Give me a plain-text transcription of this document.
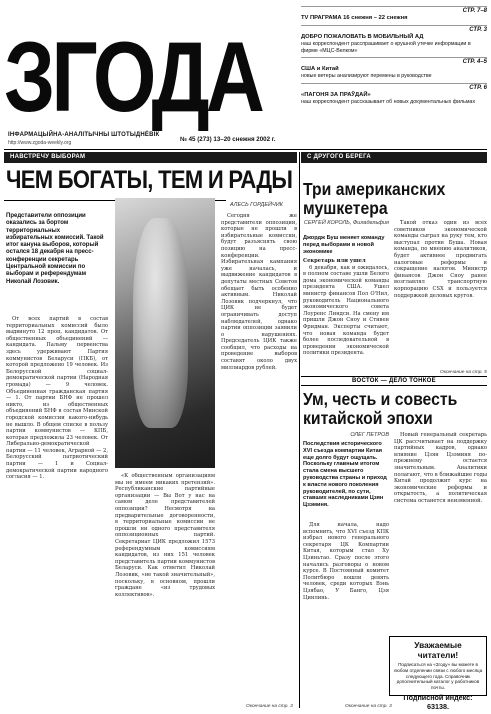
ЗГОДА
ІНФАРМАЦЫЙНА-АНАЛІТЫЧНЫ ШТОТЫДНЁВІК
http://www.zgoda-weekly.org	№ 45 (273) 13–20 снежня 2002 г.
СТР. 7–8
TV ПРАГРАМА 16 снежня – 22 снежня
СТР. 3
ДОБРО ПОЖАЛОВАТЬ В МОБИЛЬНЫЙ АД
наш корреспондент расспрашивает о крушной утечке информации в фирме «МЦС-Велком»
СТР. 4–5
США и Китай
новые ветеры анализируют перемены в руководстве
СТР. 6
«ПАГОНЯ ЗА ПРАЎДАЙ»
наш корреспондент рассказывает об новых документальных фильмах
НАВСТРЕЧУ ВЫБОРАМ	С ДРУГОГО БЕРЕГА
ЧЕМ БОГАТЫ, ТЕМ И РАДЫ
АЛЕСЬ ГОРДЕЙЧИК
Представители оппозиции оказались за бортом территориальных избирательных комиссий. Такой итог кануна выборов, который остался 18 декабря на пресс-конференции секретарь Центральной комиссии по выборам и референдумам Николай Лозовик.

От всех партий в состав территориальных комиссий было выдвинуто 12 проц. кандидатов. От общественных объединений — кандидата. Пальму первенства здесь удерживают Партия коммунистов Беларуси (ПКБ), от которой предложено 19 человек. Из Белорусской социал-демократической партии (Народная громада) — 9 человек. Объединенная гражданская партия — 1. От партии БНФ не прошел никто, из общественных объединений БНФ в состав Минской городской комиссии какого-нибудь не вышло. В общем списке в пользу партии коммунистов — КПБ, которая предложила 23 человек. От Либерально-демократической партии — 11 человек, Аграрной — 2, Белорусский патриотический партии — 1 и Социал-демократической партии народного согласия — 1.	«К общественным организациям мы не имеем никаких претензий». Республиканские партийные организации — Вы Вот у нас на самом деле представителей оппозиции? Несмотря на предварительные договоренности, в территориальные комиссии не прошли ни одного представителя оппозиционных партий. Секретариат ЦИК предложил 1573 референдумным комиссиям кандидатов, из них 151 человек представитель партии коммунистов Беларуси. Как отметил Николай Лозовик, «не такой значительный», поскольку, в основном, прошли граждане «из трудовых коллективов».

Сегодня же представители оппозиции, которые не прошли в избирательные комиссии, будут разъяснять свою позицию на пресс-конференции. Избирательная кампания уже началась, и выдвижение кандидатов в депутаты местных Советов обещает быть особенно активным. Николай Лозовик подчеркнул, что ЦИК не будет ограничивать доступ наблюдателей, однако партии оппозиции заявили о нарушениях. Председатель ЦИК также сообщил, что расходы на проведение выборов составят около двух миллиардов рублей.

Окончание на стр. 3
Три американских мушкетера
СЕРГЕЙ КОРОЛЬ, Филадельфия
Джордж Буш меняет команду перед выборами в новой экономике

Секретарь или ушел

6 декабря, как и ожидалось, в полном составе ушли Белого дома экономической команды президента США. Ушел министр финансов Пол О'Нил, руководитель Национального экономического совета Лоуренс Линдси. На смену им пришли Джон Сноу и Стивен Фридман. Эксперты считают, что новая команда будет более последовательной в проведении экономической политики президента.

Такой отказ один из всех советников экономической команды сыграл на руку тем, кто выступал против Буша. Новая команда, по мнению аналитиков, будет активнее продвигать налоговые реформы и сокращение налогов. Министр финансов Джон Сноу ранее возглавлял транспортную корпорацию CSX и пользуется поддержкой деловых кругов.

Окончание на стр. 5
ВОСТОК — ДЕЛО ТОНКОЕ
Ум, честь и совесть китайской эпохи
ОЛЕГ ПЕТРОВ
Последствия исторического XVI съезда компартии Китая еще долго будут ощущать. Поскольку главным итогом стала смена высшего руководства страны и приход к власти нового поколения руководителей, по сути, ставших наследниками Цзян Цзэминя.

Для начала, надо вспомнить, что ХVI съезд КПК избрал нового генерального секретаря ЦК Компартии Китая, которым стал Ху Цзиньтао. Сразу после этого начались разговоры о новом курсе. В Постоянный комитет Политбюро вошли девять человек, среди которых Вэнь Цзябао, У Банго, Цзя Цинлинь.

Новый генеральный секретарь ЦК рассчитывает на поддержку партийных кадров, однако влияние Цзян Цзэминя по-прежнему остается значительным. Аналитики полагают, что в ближайшие годы Китай продолжит курс на экономические реформы и открытость, а политическая система останется неизменной.

Окончание на стр. 3
Уважаемые читатели!
Подписаться на «Згоду» вы можете в любом отделении связи с любого месяца следующего года. Справочник дополнительный каталог у работников почты.
Подписной индекс: 63138.
